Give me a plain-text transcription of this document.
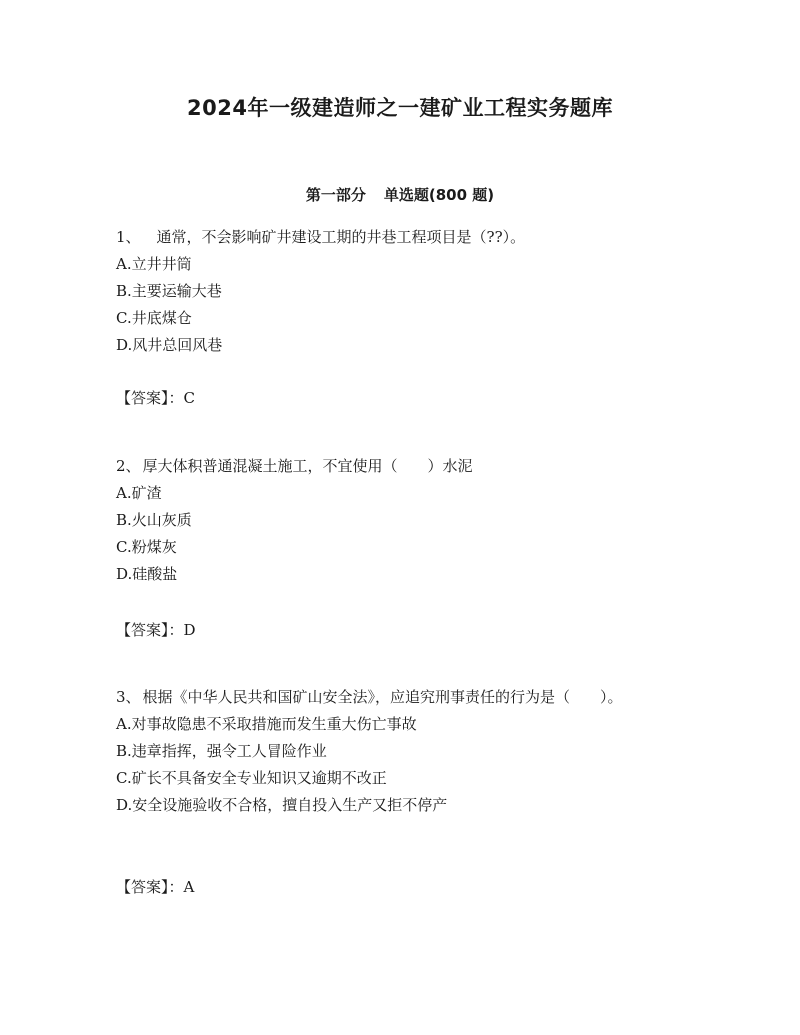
2024年一级建造师之一建矿业工程实务题库
第一部分 单选题(800 题)

1、 通常，不会影响矿井建设工期的井巷工程项目是（??）。

A.立井井筒
B.主要运输大巷
C.井底煤仓
D.风井总回风巷
【答案】：C

2、 厚大体积普通混凝土施工，不宜使用（　　）水泥

A.矿渣
B.火山灰质
C.粉煤灰
D.硅酸盐
【答案】：D

3、 根据《中华人民共和国矿山安全法》，应追究刑事责任的行为是（　　）。

A.对事故隐患不采取措施而发生重大伤亡事故
B.违章指挥，强令工人冒险作业
C.矿长不具备安全专业知识又逾期不改正
D.安全设施验收不合格，擅自投入生产又拒不停产
【答案】：A
